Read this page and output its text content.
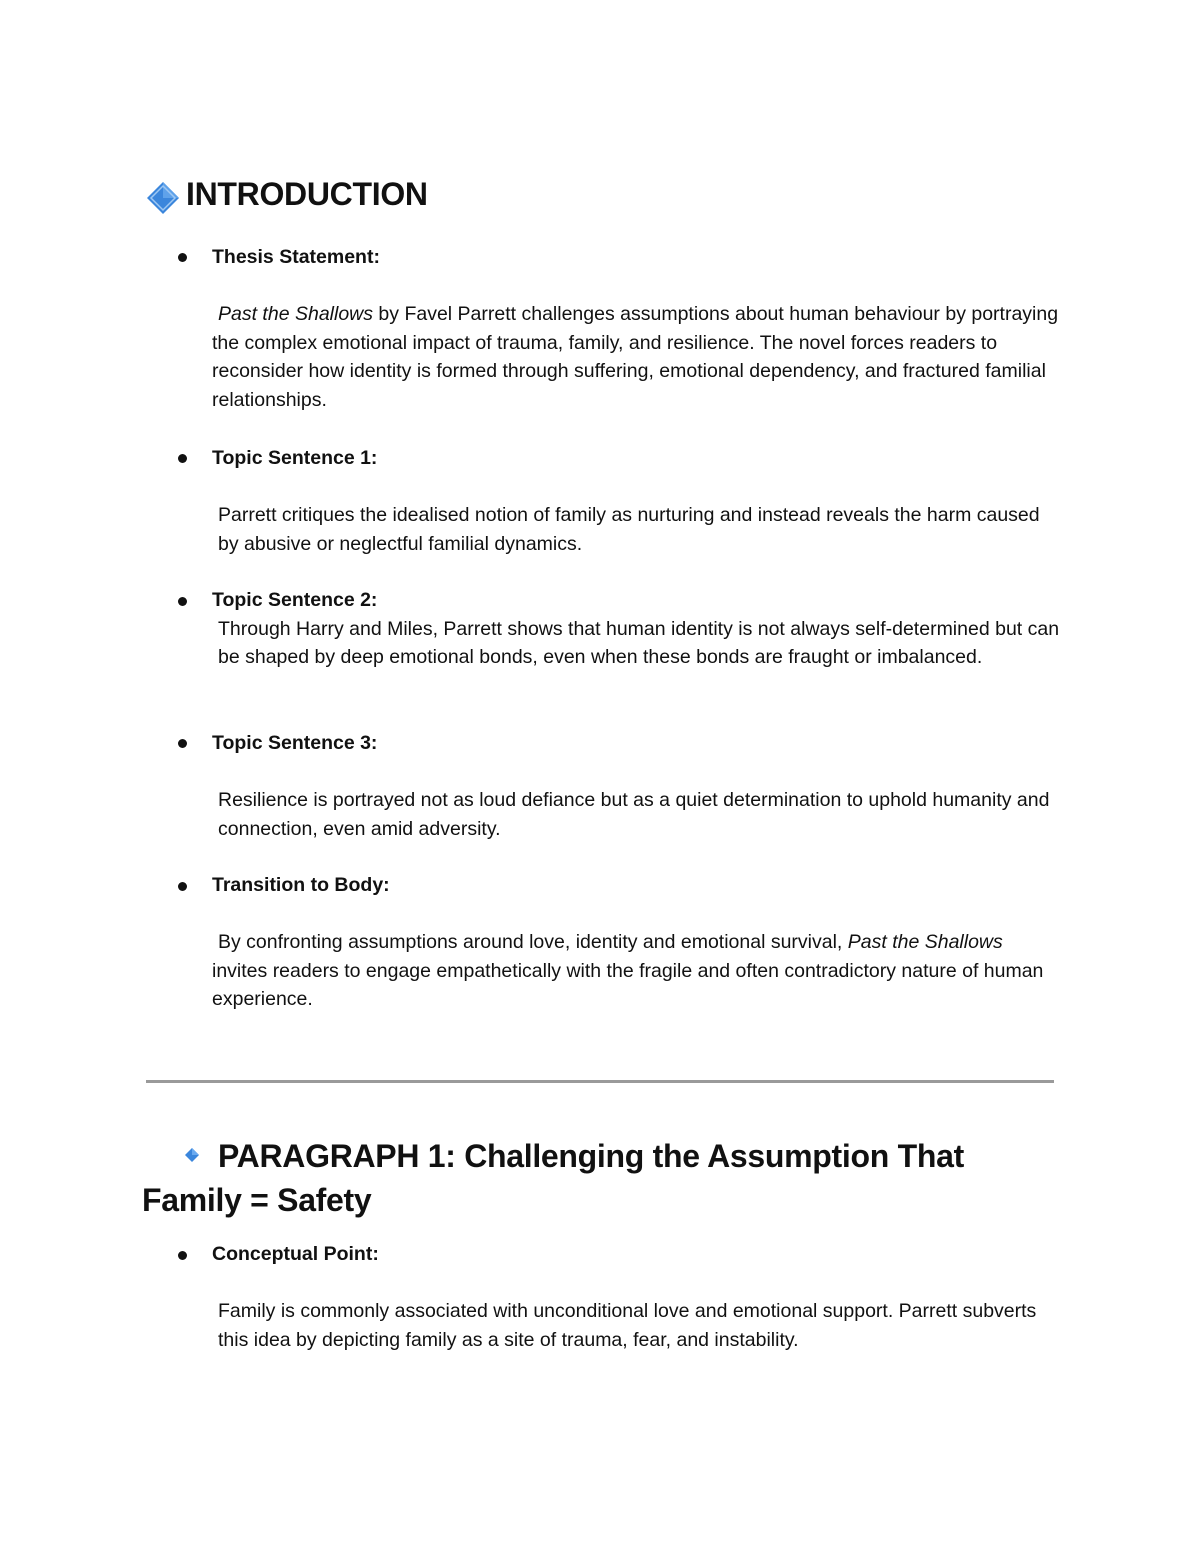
INTRODUCTION
Thesis Statement:
Past the Shallows by Favel Parrett challenges assumptions about human behaviour by portraying the complex emotional impact of trauma, family, and resilience. The novel forces readers to reconsider how identity is formed through suffering, emotional dependency, and fractured familial relationships.
Topic Sentence 1:
Parrett critiques the idealised notion of family as nurturing and instead reveals the harm caused by abusive or neglectful familial dynamics.
Topic Sentence 2:
Through Harry and Miles, Parrett shows that human identity is not always self-determined but can be shaped by deep emotional bonds, even when these bonds are fraught or imbalanced.
Topic Sentence 3:
Resilience is portrayed not as loud defiance but as a quiet determination to uphold humanity and connection, even amid adversity.
Transition to Body:
By confronting assumptions around love, identity and emotional survival, Past the Shallows invites readers to engage empathetically with the fragile and often contradictory nature of human experience.
PARAGRAPH 1: Challenging the Assumption That Family = Safety
Conceptual Point:
Family is commonly associated with unconditional love and emotional support. Parrett subverts this idea by depicting family as a site of trauma, fear, and instability.
